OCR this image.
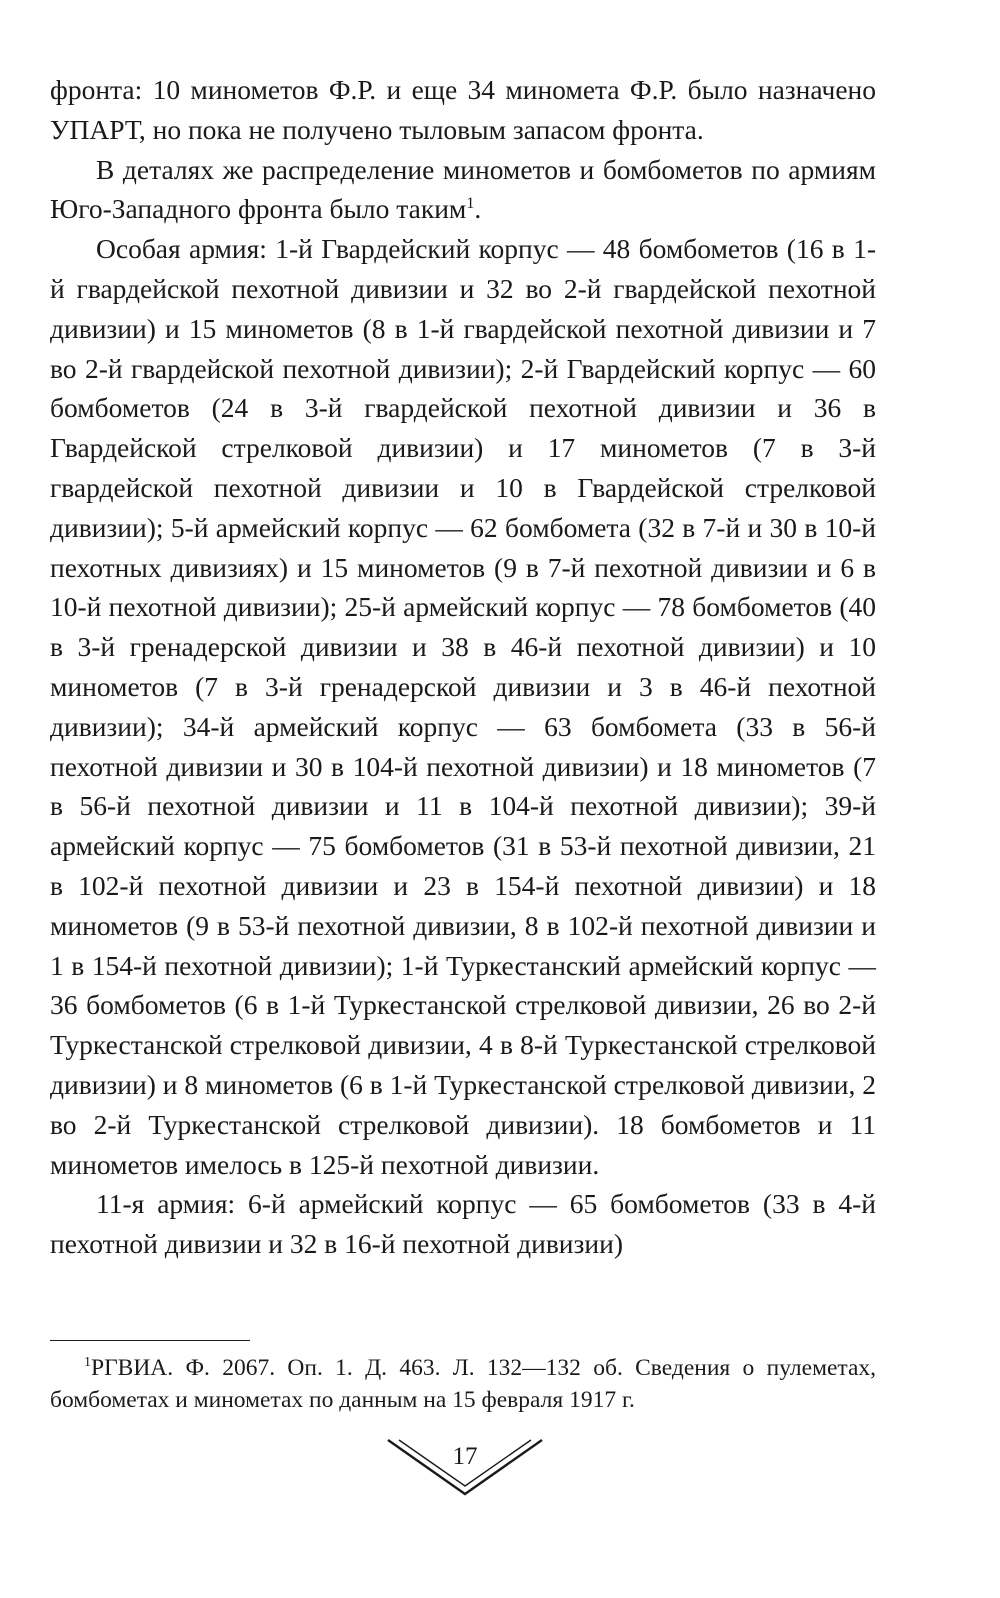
фронта: 10 минометов Ф.Р. и еще 34 миномета Ф.Р. было назначено УПАРТ, но пока не получено тыловым запасом фронта.

В деталях же распределение минометов и бомбометов по армиям Юго-Западного фронта было таким$^1$.

Особая армия: 1-й Гвардейский корпус — 48 бомбометов (16 в 1-й гвардейской пехотной дивизии и 32 во 2-й гвардейской пехотной дивизии) и 15 минометов (8 в 1-й гвардейской пехотной дивизии и 7 во 2-й гвардейской пехотной дивизии); 2-й Гвардейский корпус — 60 бомбометов (24 в 3-й гвардейской пехотной дивизии и 36 в Гвардейской стрелковой дивизии) и 17 минометов (7 в 3-й гвардейской пехотной дивизии и 10 в Гвардейской стрелковой дивизии); 5-й армейский корпус — 62 бомбомета (32 в 7-й и 30 в 10-й пехотных дивизиях) и 15 минометов (9 в 7-й пехотной дивизии и 6 в 10-й пехотной дивизии); 25-й армейский корпус — 78 бомбометов (40 в 3-й гренадерской дивизии и 38 в 46-й пехотной дивизии) и 10 минометов (7 в 3-й гренадерской дивизии и 3 в 46-й пехотной дивизии); 34-й армейский корпус — 63 бомбомета (33 в 56-й пехотной дивизии и 30 в 104-й пехотной дивизии) и 18 минометов (7 в 56-й пехотной дивизии и 11 в 104-й пехотной дивизии); 39-й армейский корпус — 75 бомбометов (31 в 53-й пехотной дивизии, 21 в 102-й пехотной дивизии и 23 в 154-й пехотной дивизии) и 18 минометов (9 в 53-й пехотной дивизии, 8 в 102-й пехотной дивизии и 1 в 154-й пехотной дивизии); 1-й Туркестанский армейский корпус — 36 бомбометов (6 в 1-й Туркестанской стрелковой дивизии, 26 во 2-й Туркестанской стрелковой дивизии, 4 в 8-й Туркестанской стрелковой дивизии) и 8 минометов (6 в 1-й Туркестанской стрелковой дивизии, 2 во 2-й Туркестанской стрелковой дивизии). 18 бомбометов и 11 минометов имелось в 125-й пехотной дивизии.

11-я армия: 6-й армейский корпус — 65 бомбометов (33 в 4-й пехотной дивизии и 32 в 16-й пехотной дивизии)

$^1$РГВИА. Ф. 2067. Оп. 1. Д. 463. Л. 132—132 об. Сведения о пулеметах, бомбометах и минометах по данным на 15 февраля 1917 г.
17
